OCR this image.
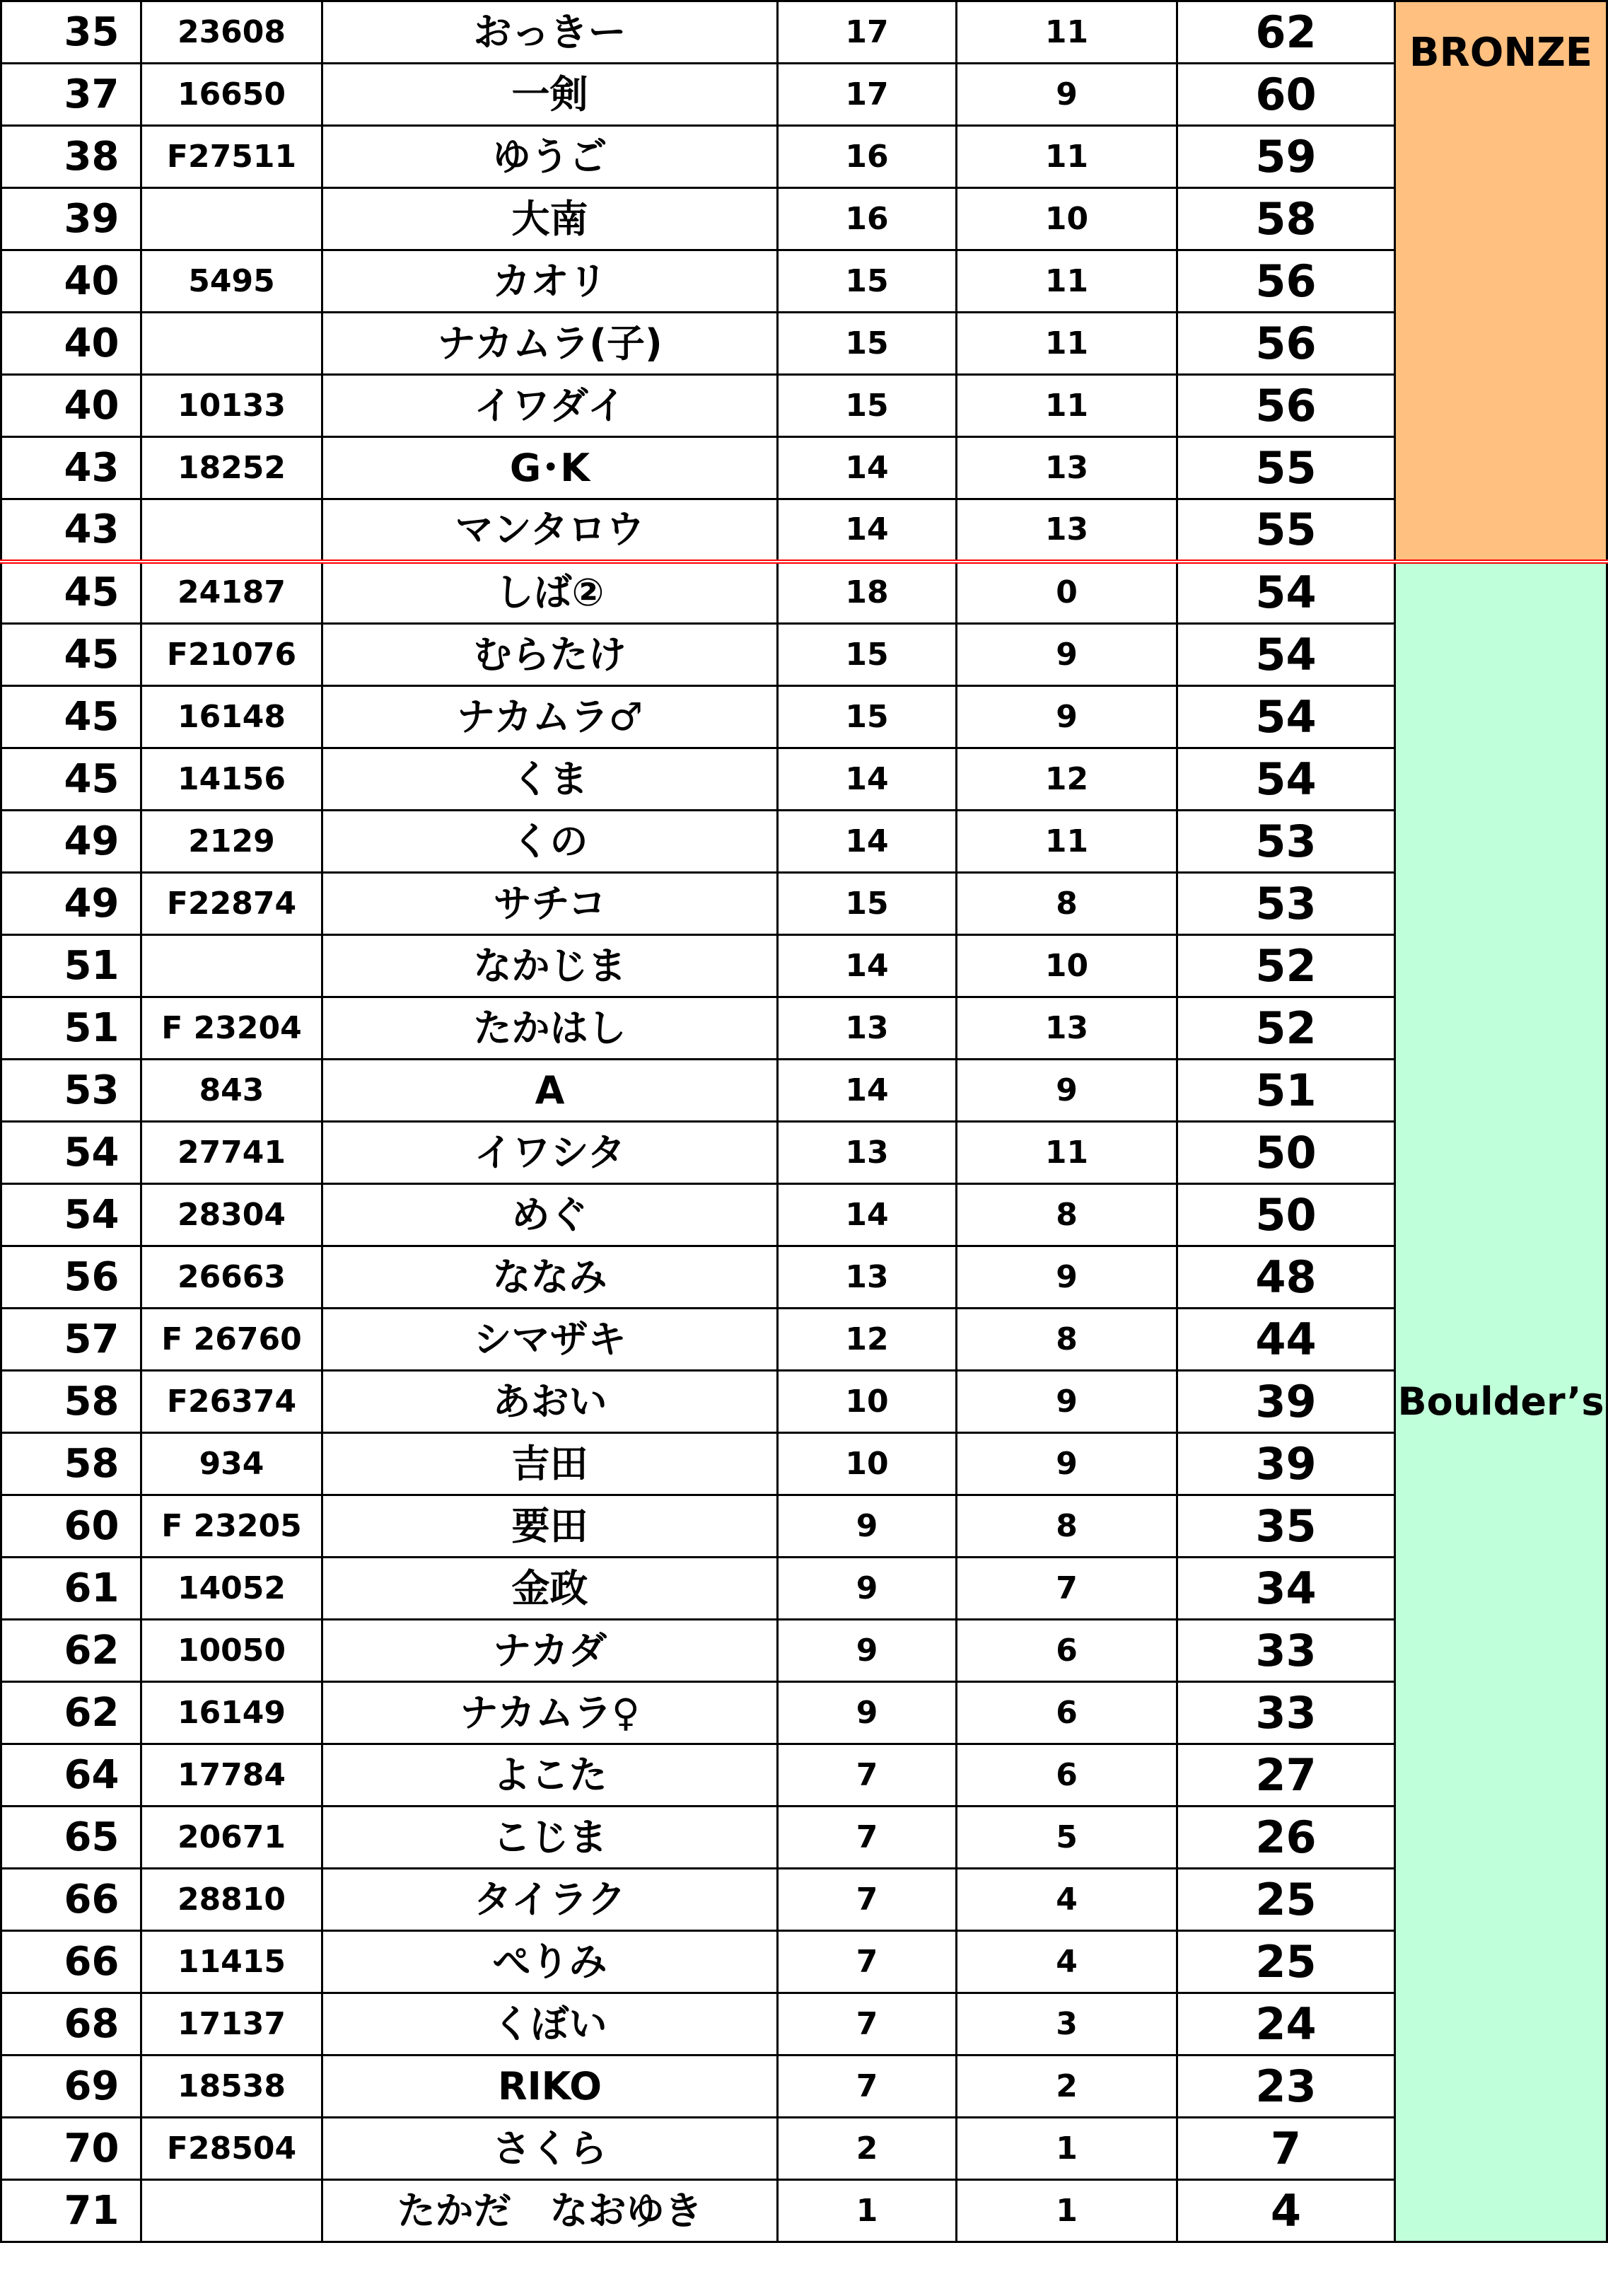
35	23608	おっきー	17	11	62	BRONZE
37	16650	一剣	17	9	60	
38	F27511	ゆうご	16	11	59	
39		大南	16	10	58	
40	5495	カオリ	15	11	56	
40		ナカムラ(子)	15	11	56	
40	10133	イワダイ	15	11	56	
43	18252	G･K	14	13	55	
43		マンタロウ	14	13	55	
45	24187	しば②	18	0	54	Boulder’s
45	F21076	むらたけ	15	9	54	
45	16148	ナカムラ♂	15	9	54	
45	14156	くま	14	12	54	
49	2129	くの	14	11	53	
49	F22874	サチコ	15	8	53	
51		なかじま	14	10	52	
51	F 23204	たかはし	13	13	52	
53	843	A	14	9	51	
54	27741	イワシタ	13	11	50	
54	28304	めぐ	14	8	50	
56	26663	ななみ	13	9	48	
57	F 26760	シマザキ	12	8	44	
58	F26374	あおい	10	9	39	
58	934	吉田	10	9	39	
60	F 23205	要田	9	8	35	
61	14052	金政	9	7	34	
62	10050	ナカダ	9	6	33	
62	16149	ナカムラ♀	9	6	33	
64	17784	よこた	7	6	27	
65	20671	こじま	7	5	26	
66	28810	タイラク	7	4	25	
66	11415	ぺりみ	7	4	25	
68	17137	くぼい	7	3	24	
69	18538	RIKO	7	2	23	
70	F28504	さくら	2	1	7	
71		たかだ　なおゆき	1	1	4	
